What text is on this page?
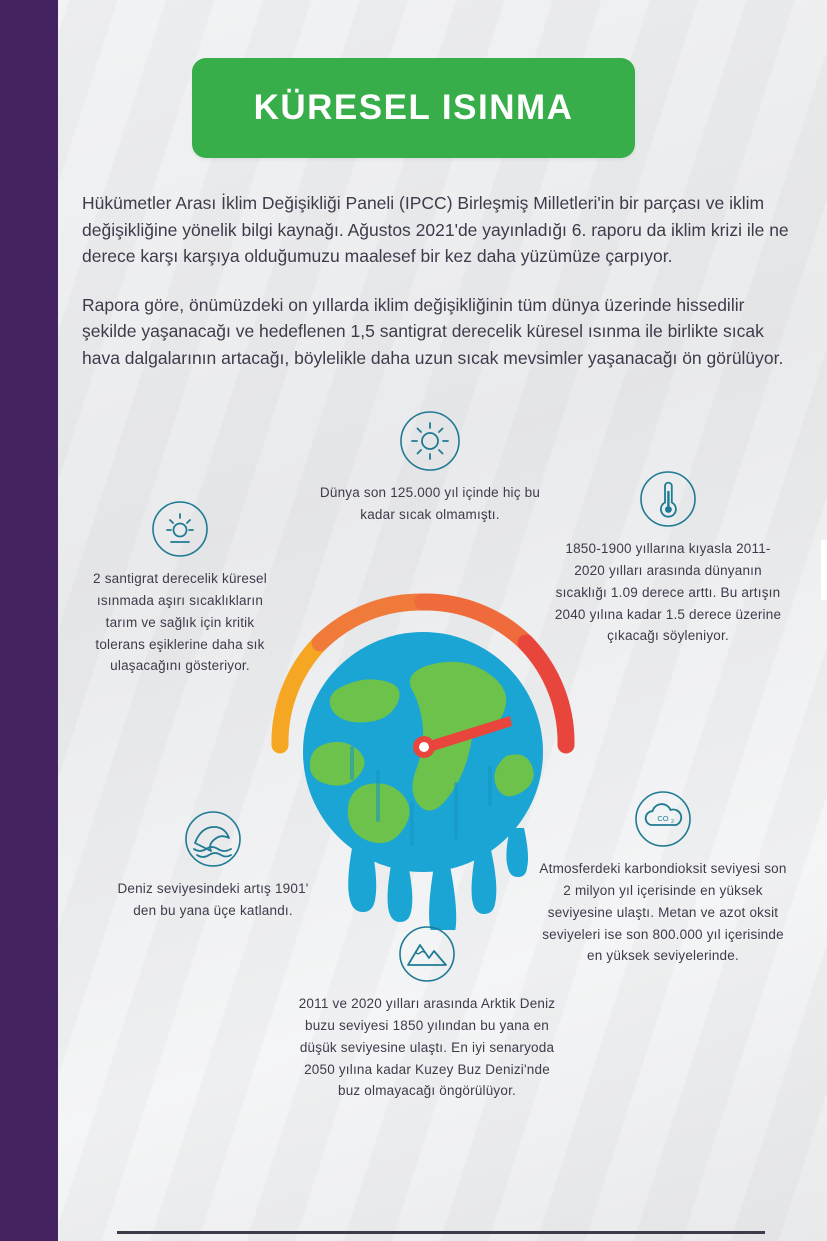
KÜRESEL ISINMA

Hükümetler Arası İklim Değişikliği Paneli (IPCC) Birleşmiş Milletleri'in bir parçası ve iklim değişikliğine yönelik bilgi kaynağı. Ağustos 2021'de yayınladığı 6. raporu da iklim krizi ile ne derece karşı karşıya olduğumuzu maalesef bir kez daha yüzümüze çarpıyor.

Rapora göre, önümüzdeki on yıllarda iklim değişikliğinin tüm dünya üzerinde hissedilir şekilde yaşanacağı ve hedeflenen 1,5 santigrat derecelik küresel ısınma ile birlikte sıcak hava dalgalarının artacağı, böylelikle daha uzun sıcak mevsimler yaşanacağı ön görülüyor.

Dünya son 125.000 yıl içinde hiç bu kadar sıcak olmamıştı.
2 santigrat derecelik küresel ısınmada aşırı sıcaklıkların tarım ve sağlık için kritik tolerans eşiklerine daha sık ulaşacağını gösteriyor.
1850-1900 yıllarına kıyasla 2011-2020 yılları arasında dünyanın sıcaklığı 1.09 derece arttı. Bu artışın 2040 yılına kadar 1.5 derece üzerine çıkacağı söyleniyor.
Deniz seviyesindeki artış 1901' den bu yana üçe katlandı.
CO 2
Atmosferdeki karbondioksit seviyesi son 2 milyon yıl içerisinde en yüksek seviyesine ulaştı. Metan ve azot oksit seviyeleri ise son 800.000 yıl içerisinde en yüksek seviyelerinde.
2011 ve 2020 yılları arasında Arktik Deniz buzu seviyesi 1850 yılından bu yana en düşük seviyesine ulaştı. En iyi senaryoda 2050 yılına kadar Kuzey Buz Denizi'nde buz olmayacağı öngörülüyor.
